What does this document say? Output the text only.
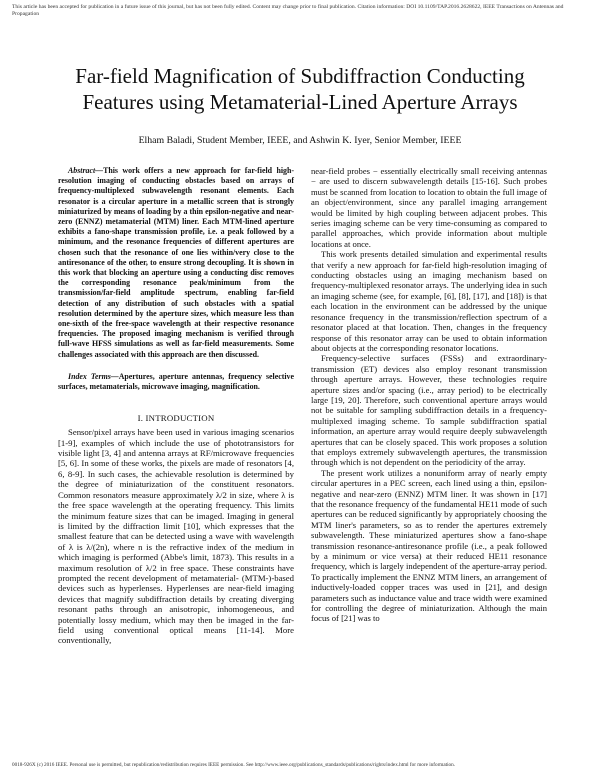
This article has been accepted for publication in a future issue of this journal, but has not been fully edited. Content may change prior to final publication. Citation information: DOI 10.1109/TAP.2016.2628622, IEEE Transactions on Antennas and Propagation

Far-field Magnification of Subdiffraction Conducting
Features using Metamaterial-Lined Aperture Arrays

Elham Baladi, Student Member, IEEE, and Ashwin K. Iyer, Senior Member, IEEE

Abstract—This work offers a new approach for far-field high-resolution imaging of conducting obstacles based on arrays of frequency-multiplexed subwavelength resonant elements. Each resonator is a circular aperture in a metallic screen that is strongly miniaturized by means of loading by a thin epsilon-negative and near-zero (ENNZ) metamaterial (MTM) liner. Each MTM-lined aperture exhibits a fano-shape transmission profile, i.e. a peak followed by a minimum, and the resonance frequencies of different apertures are chosen such that the resonance of one lies within/very close to the antiresonance of the other, to ensure strong decoupling. It is shown in this work that blocking an aperture using a conducting disc removes the corresponding resonance peak/minimum from the transmission/far-field amplitude spectrum, enabling far-field detection of any distribution of such obstacles with a spatial resolution determined by the aperture sizes, which measure less than one-sixth of the free-space wavelength at their respective resonance frequencies. The proposed imaging mechanism is verified through full-wave HFSS simulations as well as far-field measurements. Some challenges associated with this approach are then discussed.

Index Terms—Apertures, aperture antennas, frequency selective surfaces, metamaterials, microwave imaging, magnification.

I. INTRODUCTION

Sensor/pixel arrays have been used in various imaging scenarios [1-9], examples of which include the use of phototransistors for visible light [3, 4] and antenna arrays at RF/microwave frequencies [5, 6]. In some of these works, the pixels are made of resonators [4, 6, 8-9]. In such cases, the achievable resolution is determined by the degree of miniaturization of the constituent resonators. Common resonators measure approximately λ/2 in size, where λ is the free space wavelength at the operating frequency. This limits the minimum feature sizes that can be imaged. Imaging in general is limited by the diffraction limit [10], which expresses that the smallest feature that can be detected using a wave with wavelength of λ is λ/(2n), where n is the refractive index of the medium in which imaging is performed (Abbe's limit, 1873). This results in a maximum resolution of λ/2 in free space. These constraints have prompted the recent development of metamaterial- (MTM-)-based devices such as hyperlenses. Hyperlenses are near-field imaging devices that magnify subdiffraction details by creating diverging resonant paths through an anisotropic, inhomogeneous, and potentially lossy medium, which may then be imaged in the far-field using conventional optical means [11-14]. More conventionally,

near-field probes − essentially electrically small receiving antennas − are used to discern subwavelength details [15-16]. Such probes must be scanned from location to location to obtain the full image of an object/environment, since any parallel imaging arrangement would be limited by high coupling between adjacent probes. This series imaging scheme can be very time-consuming as compared to parallel approaches, which provide information about multiple locations at once.

This work presents detailed simulation and experimental results that verify a new approach for far-field high-resolution imaging of conducting obstacles using an imaging mechanism based on frequency-multiplexed resonator arrays. The underlying idea in such an imaging scheme (see, for example, [6], [8], [17], and [18]) is that each location in the environment can be addressed by the unique resonance frequency in the transmission/reflection spectrum of a resonator placed at that location. Then, changes in the frequency response of this resonator array can be used to obtain information about objects at the corresponding resonator locations.

Frequency-selective surfaces (FSSs) and extraordinary-transmission (ET) devices also employ resonant transmission through aperture arrays. However, these technologies require aperture sizes and/or spacing (i.e., array period) to be electrically large [19, 20]. Therefore, such conventional aperture arrays would not be suitable for sampling subdiffraction details in a frequency-multiplexed imaging scheme. To sample subdiffraction spatial information, an aperture array would require deeply subwavelength apertures that can be closely spaced. This work proposes a solution that employs extremely subwavelength apertures, the transmission through which is not dependent on the periodicity of the array.

The present work utilizes a nonuniform array of nearly empty circular apertures in a PEC screen, each lined using a thin, epsilon-negative and near-zero (ENNZ) MTM liner. It was shown in [17] that the resonance frequency of the fundamental HE11 mode of such apertures can be reduced significantly by appropriately choosing the MTM liner's parameters, so as to render the apertures extremely subwavelength. These miniaturized apertures show a fano-shape transmission resonance-antiresonance profile (i.e., a peak followed by a minimum or vice versa) at their reduced HE11 resonance frequency, which is largely independent of the aperture-array period. To practically implement the ENNZ MTM liners, an arrangement of inductively-loaded copper traces was used in [21], and design parameters such as inductance value and trace width were examined for controlling the degree of miniaturization. Although the main focus of [21] was to

0018-926X (c) 2016 IEEE. Personal use is permitted, but republication/redistribution requires IEEE permission. See http://www.ieee.org/publications_standards/publications/rights/index.html for more information.
